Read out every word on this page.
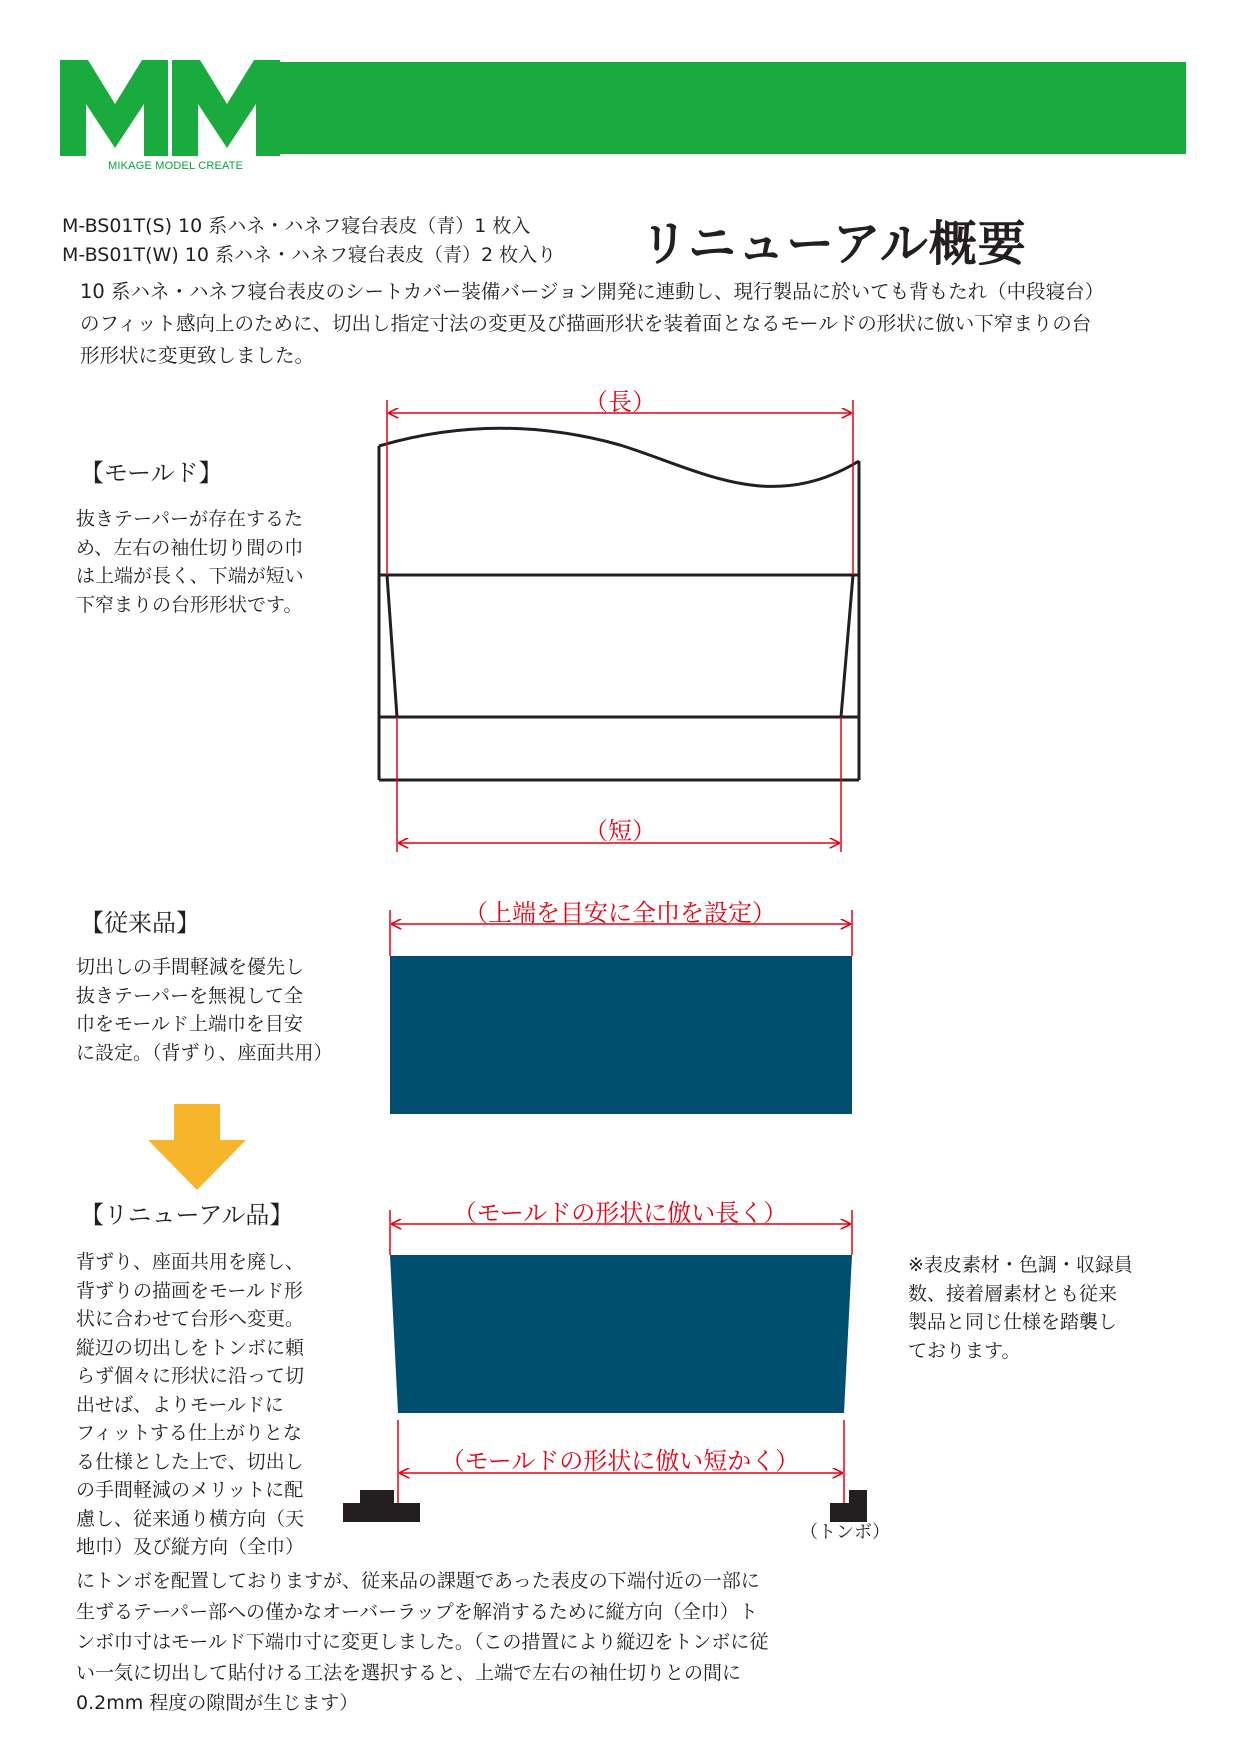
MIKAGE MODEL CREATE
M-BS01T(S) 10 系ハネ・ハネフ寝台表皮（青）1 枚入
M-BS01T(W) 10 系ハネ・ハネフ寝台表皮（青）2 枚入り リニューアル概要
10 系ハネ・ハネフ寝台表皮のシートカバー装備バージョン開発に連動し、現行製品に於いても背もたれ（中段寝台）
のフィット感向上のために、切出し指定寸法の変更及び描画形状を装着面となるモールドの形状に倣い下窄まりの台
形形状に変更致しました。
【モールド】
抜きテーパーが存在するた
め、左右の袖仕切り間の巾
は上端が長く、下端が短い
下窄まりの台形形状です。
【従来品】
切出しの手間軽減を優先し
抜きテーパーを無視して全
巾をモールド上端巾を目安
に設定。（背ずり、座面共用）
【リニューアル品】
背ずり、座面共用を廃し、
背ずりの描画をモールド形
状に合わせて台形へ変更。
縦辺の切出しをトンボに頼
らず個々に形状に沿って切
出せば、よりモールドに
フィットする仕上がりとな
る仕様とした上で、切出し
の手間軽減のメリットに配
慮し、従来通り横方向（天
地巾）及び縦方向（全巾）
にトンボを配置しておりますが、従来品の課題であった表皮の下端付近の一部に
生ずるテーパー部への僅かなオーバーラップを解消するために縦方向（全巾）ト
ンボ巾寸はモールド下端巾寸に変更しました。（この措置により縦辺をトンボに従
い一気に切出して貼付ける工法を選択すると、上端で左右の袖仕切りとの間に
0.2mm 程度の隙間が生じます）
※表皮素材・色調・収録員
数、接着層素材とも従来
製品と同じ仕様を踏襲し
ております。
（長）
（短）
（上端を目安に全巾を設定）
（モールドの形状に倣い長く）
（モールドの形状に倣い短かく）
（トンボ）
